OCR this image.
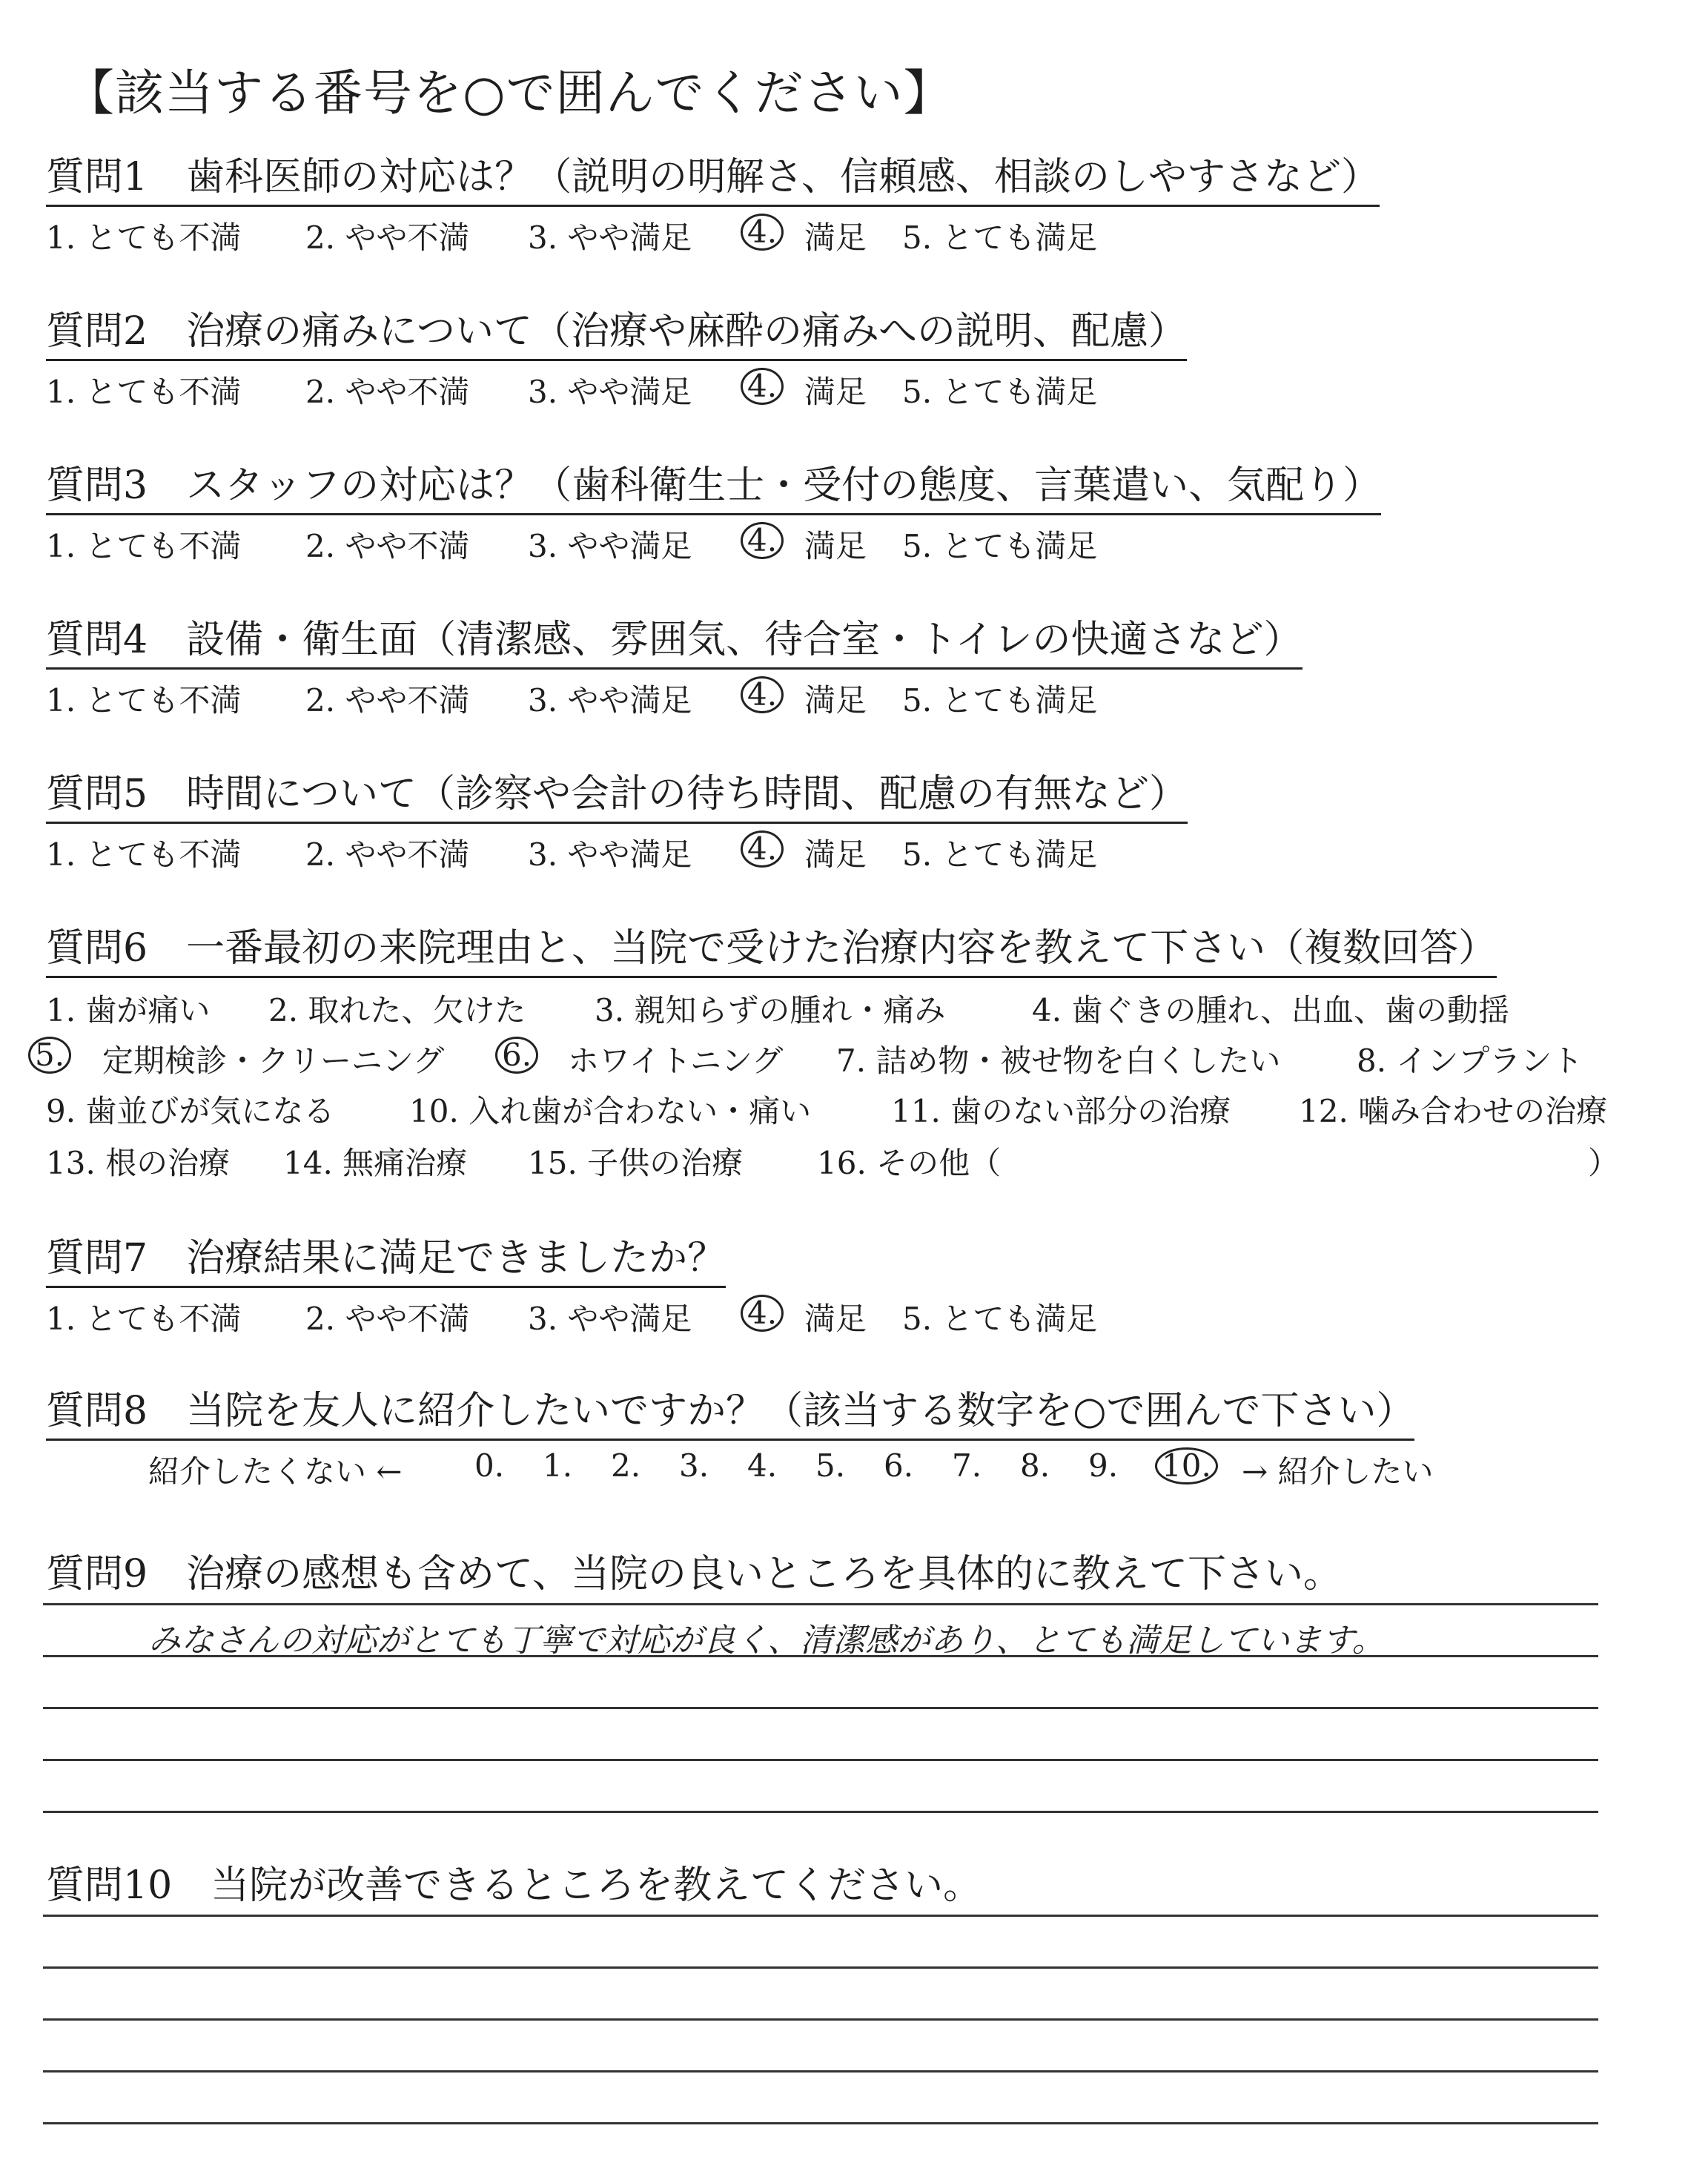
【該当する番号を○で囲んでください】
質問1　歯科医師の対応は？（説明の明解さ、信頼感、相談のしやすさなど）
1. とても不満 2. やや不満 3. やや満足 4. 満足 5. とても満足
質問2　治療の痛みについて（治療や麻酔の痛みへの説明、配慮）
1. とても不満 2. やや不満 3. やや満足 4. 満足 5. とても満足
質問3　スタッフの対応は？（歯科衛生士・受付の態度、言葉遣い、気配り）
1. とても不満 2. やや不満 3. やや満足 4. 満足 5. とても満足
質問4　設備・衛生面（清潔感、雰囲気、待合室・トイレの快適さなど）
1. とても不満 2. やや不満 3. やや満足 4. 満足 5. とても満足
質問5　時間について（診察や会計の待ち時間、配慮の有無など）
1. とても不満 2. やや不満 3. やや満足 4. 満足 5. とても満足
質問6　一番最初の来院理由と、当院で受けた治療内容を教えて下さい（複数回答）
1. 歯が痛い 2. 取れた、欠けた 3. 親知らずの腫れ・痛み	4. 歯ぐきの腫れ、出血、歯の動揺
5. 定期検診・クリーニング 6. ホワイトニング 7. 詰め物・被せ物を白くしたい 8. インプラント
9. 歯並びが気になる 10. 入れ歯が合わない・痛い	11. 歯のない部分の治療 12. 噛み合わせの治療
13. 根の治療 14. 無痛治療 15. 子供の治療 16. その他（	）
質問7　治療結果に満足できましたか？
1. とても不満 2. やや不満 3. やや満足 4. 満足 5. とても満足
質問8　当院を友人に紹介したいですか？（該当する数字を○で囲んで下さい）
紹介したくない ← 0. 1. 2. 3. 4. 5. 6. 7. 8. 9. 10. → 紹介したい
質問9　治療の感想も含めて、当院の良いところを具体的に教えて下さい。
みなさんの対応がとても丁寧で対応が良く、清潔感があり、とても満足しています。
質問10　当院が改善できるところを教えてください。
